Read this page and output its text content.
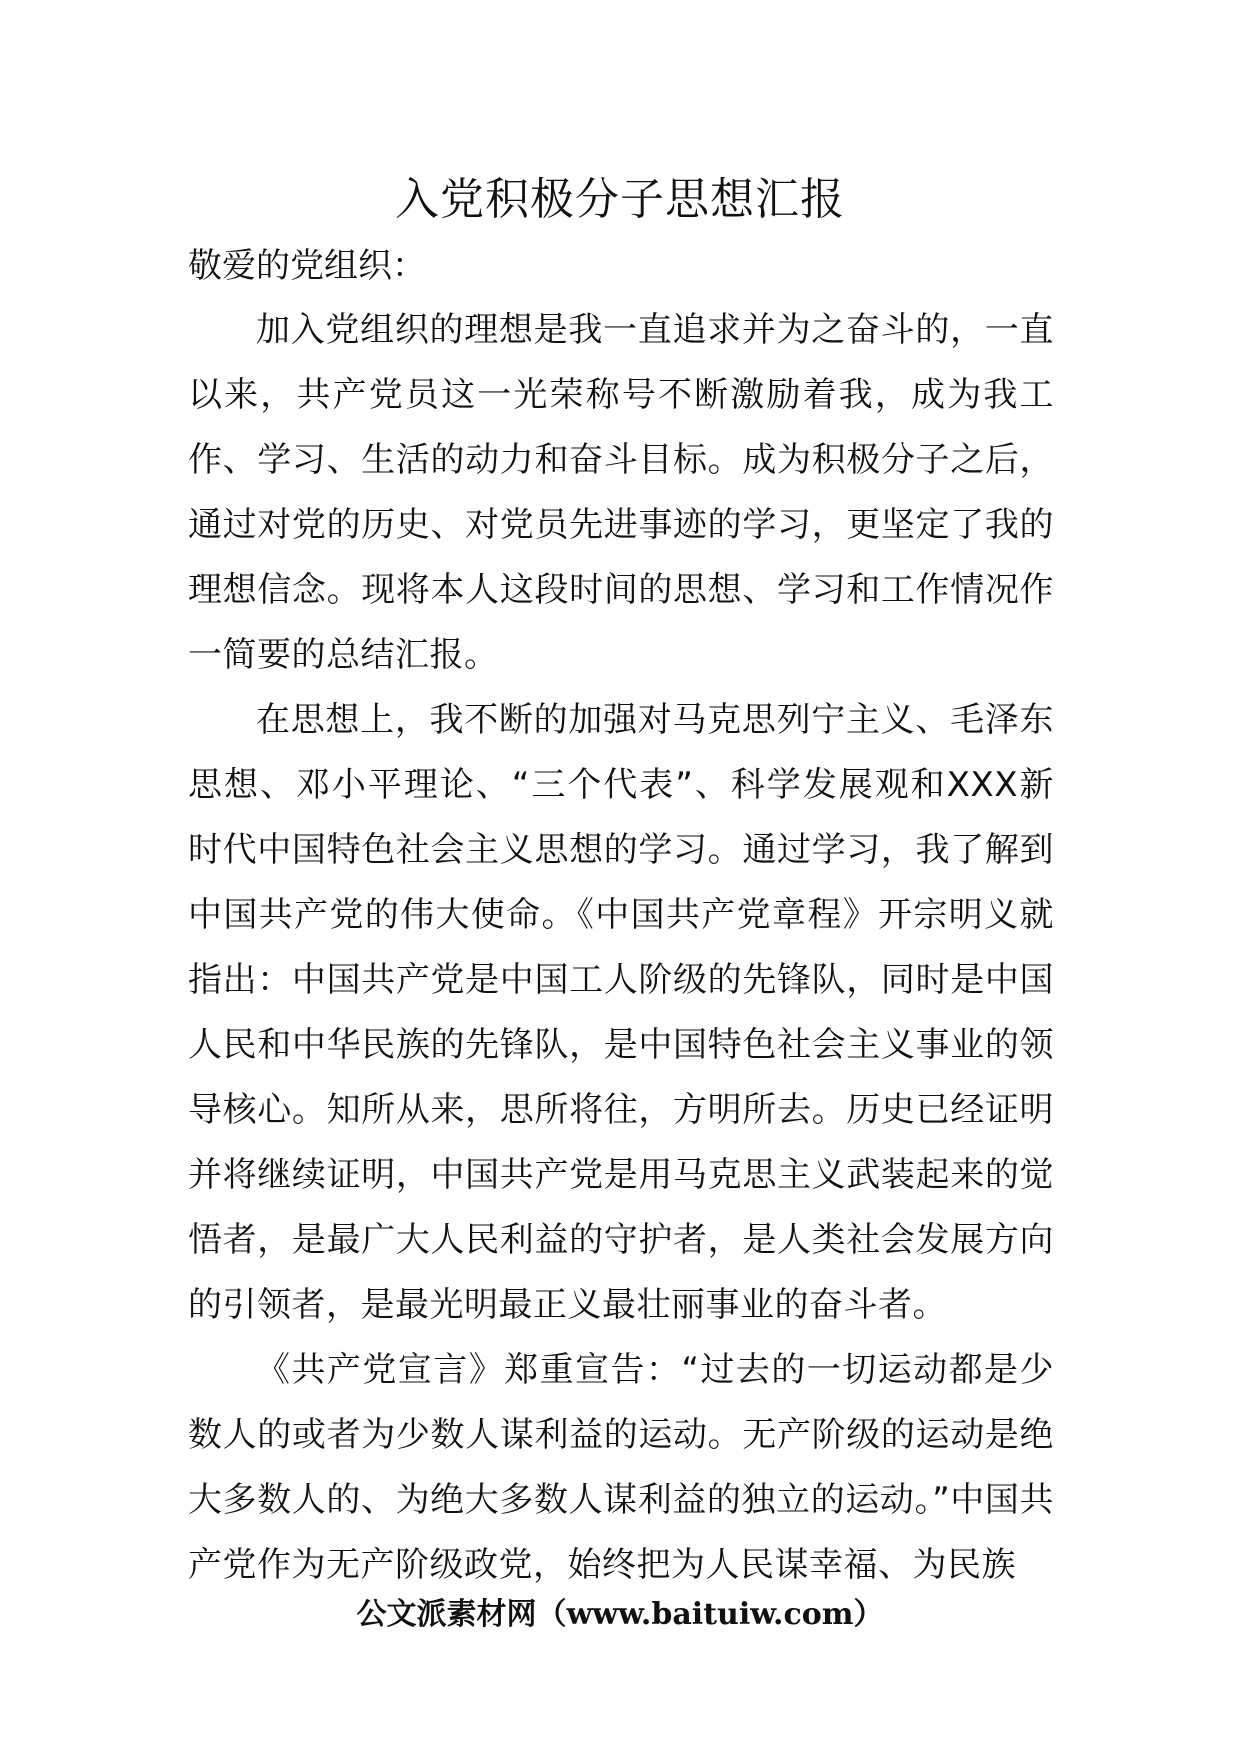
入党积极分子思想汇报

敬爱的党组织：

加入党组织的理想是我一直追求并为之奋斗的，一直以来，共产党员这一光荣称号不断激励着我，成为我工作、学习、生活的动力和奋斗目标。成为积极分子之后，通过对党的历史、对党员先进事迹的学习，更坚定了我的理想信念。现将本人这段时间的思想、学习和工作情况作一简要的总结汇报。

在思想上，我不断的加强对马克思列宁主义、毛泽东思想、邓小平理论、“三个代表”、科学发展观和XXX新时代中国特色社会主义思想的学习。通过学习，我了解到中国共产党的伟大使命。《中国共产党章程》开宗明义就指出：中国共产党是中国工人阶级的先锋队，同时是中国人民和中华民族的先锋队，是中国特色社会主义事业的领导核心。知所从来，思所将往，方明所去。历史已经证明并将继续证明，中国共产党是用马克思主义武装起来的觉悟者，是最广大人民利益的守护者，是人类社会发展方向的引领者，是最光明最正义最壮丽事业的奋斗者。

《共产党宣言》郑重宣告：“过去的一切运动都是少数人的或者为少数人谋利益的运动。无产阶级的运动是绝大多数人的、为绝大多数人谋利益的独立的运动。”中国共产党作为无产阶级政党，始终把为人民谋幸福、为民族

公文派素材网（www.baituiw.com）
